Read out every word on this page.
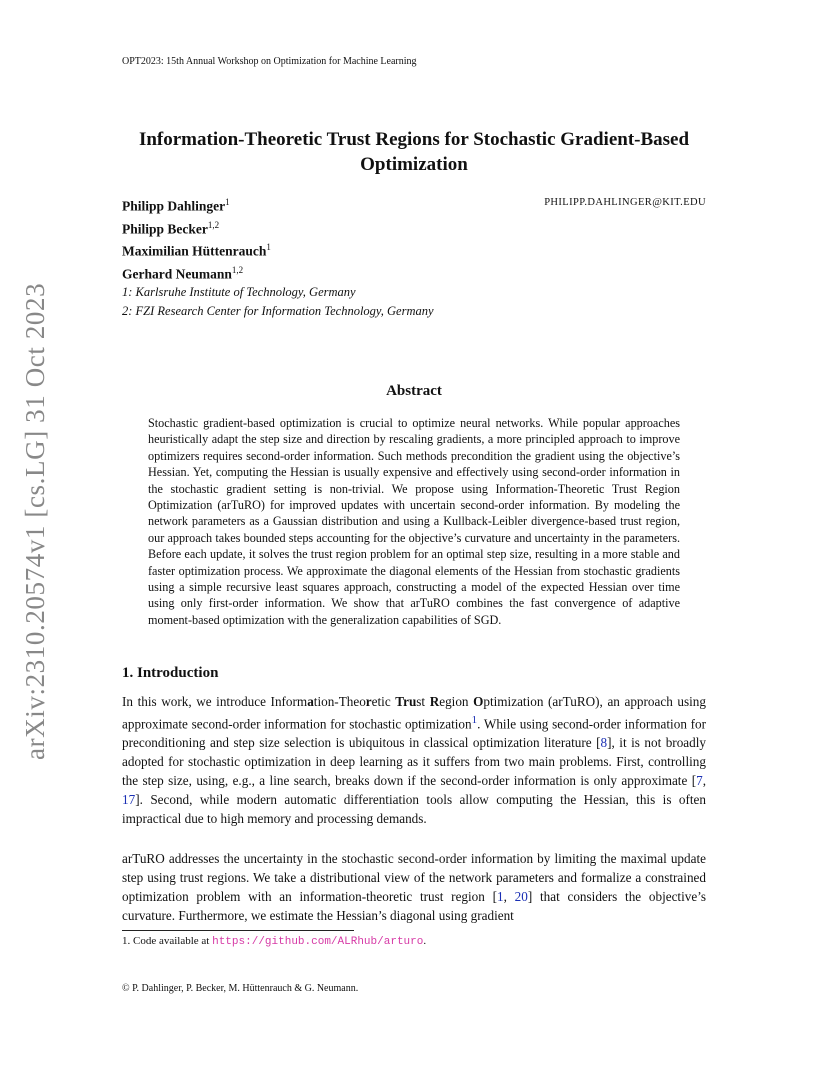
OPT2023: 15th Annual Workshop on Optimization for Machine Learning
arXiv:2310.20574v1 [cs.LG] 31 Oct 2023
Information-Theoretic Trust Regions for Stochastic Gradient-Based Optimization
Philipp Dahlinger$^1$
Philipp Becker$^{1,2}$
Maximilian Hüttenrauch$^1$
Gerhard Neumann$^{1,2}$
1: Karlsruhe Institute of Technology, Germany
2: FZI Research Center for Information Technology, Germany
PHILIPP.DAHLINGER@KIT.EDU
Abstract
Stochastic gradient-based optimization is crucial to optimize neural networks. While popular approaches heuristically adapt the step size and direction by rescaling gradients, a more principled approach to improve optimizers requires second-order information. Such methods precondition the gradient using the objective’s Hessian. Yet, computing the Hessian is usually expensive and effectively using second-order information in the stochastic gradient setting is non-trivial. We propose using Information-Theoretic Trust Region Optimization (arTuRO) for improved updates with uncertain second-order information. By modeling the network parameters as a Gaussian distribution and using a Kullback-Leibler divergence-based trust region, our approach takes bounded steps accounting for the objective’s curvature and uncertainty in the parameters. Before each update, it solves the trust region problem for an optimal step size, resulting in a more stable and faster optimization process. We approximate the diagonal elements of the Hessian from stochastic gradients using a simple recursive least squares approach, constructing a model of the expected Hessian over time using only first-order information. We show that arTuRO combines the fast convergence of adaptive moment-based optimization with the generalization capabilities of SGD.
1. Introduction
In this work, we introduce Information-Theoretic Trust Region Optimization (arTuRO), an approach using approximate second-order information for stochastic optimization$^1$. While using second-order information for preconditioning and step size selection is ubiquitous in classical optimization literature [8], it is not broadly adopted for stochastic optimization in deep learning as it suffers from two main problems. First, controlling the step size, using, e.g., a line search, breaks down if the second-order information is only approximate [7, 17]. Second, while modern automatic differentiation tools allow computing the Hessian, this is often impractical due to high memory and processing demands.
arTuRO addresses the uncertainty in the stochastic second-order information by limiting the maximal update step using trust regions. We take a distributional view of the network parameters and formalize a constrained optimization problem with an information-theoretic trust region [1, 20] that considers the objective’s curvature. Furthermore, we estimate the Hessian’s diagonal using gradient
1. Code available at https://github.com/ALRhub/arturo.
© P. Dahlinger, P. Becker, M. Hüttenrauch & G. Neumann.
